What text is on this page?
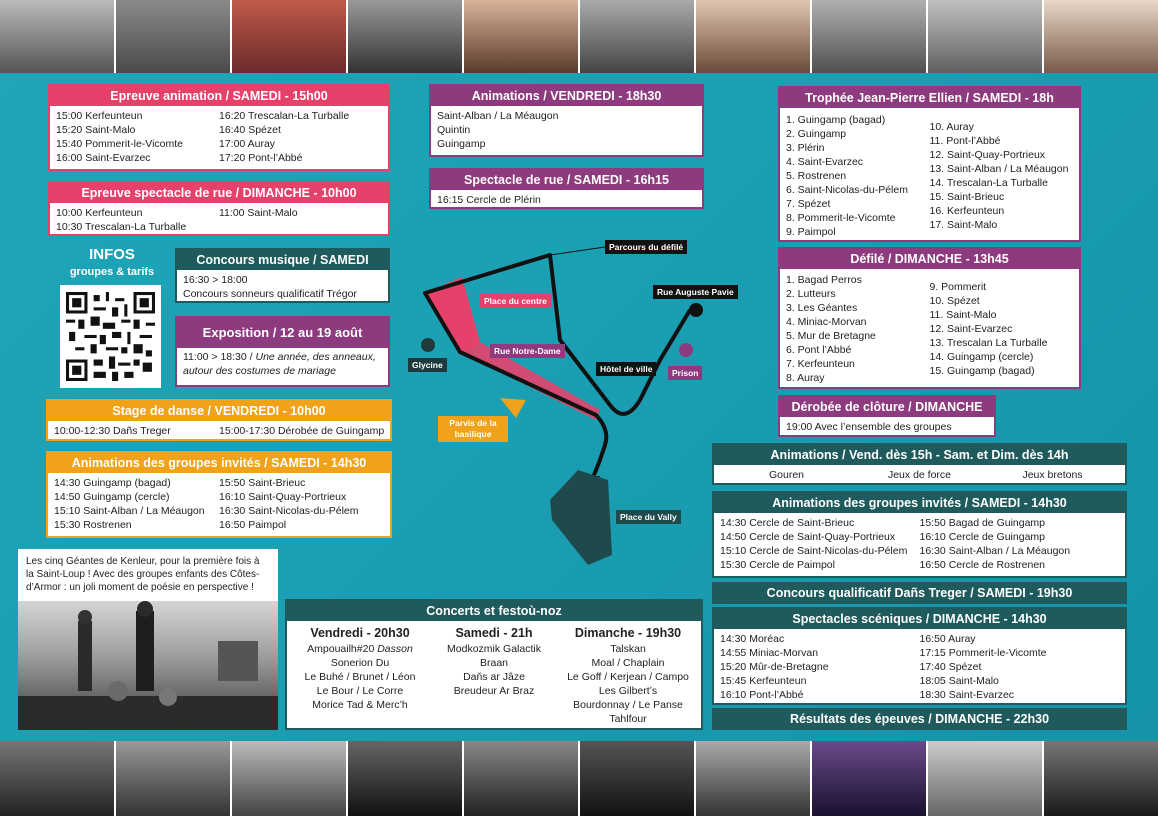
Epreuve animation / SAMEDI - 15h00
15:00 Kerfeunteun
15:20 Saint-Malo
15:40 Pommerit-le-Vicomte
16:00 Saint-Evarzec
16:20 Trescalan-La Turballe
16:40 Spézet
17:00 Auray
17:20 Pont-l’Abbé
Epreuve spectacle de rue / DIMANCHE - 10h00
10:00 Kerfeunteun
10:30 Trescalan-La Turballe
11:00 Saint-Malo
INFOS
groupes & tarifs
Concours musique / SAMEDI
16:30 > 18:00
Concours sonneurs qualificatif Trégor
Exposition / 12 au 19 août
11:00 > 18:30 / Une année, des anneaux, autour des costumes de mariage
Stage de danse / VENDREDI - 10h00
10:00-12:30 Dañs Treger	15:00-17:30 Dérobée de Guingamp
Animations des groupes invités / SAMEDI - 14h30
14:30 Guingamp (bagad)
14:50 Guingamp (cercle)
15:10 Saint-Alban / La Méaugon
15:30 Rostrenen
15:50 Saint-Brieuc
16:10 Saint-Quay-Portrieux
16:30 Saint-Nicolas-du-Pélem
16:50 Paimpol
Les cinq Géantes de Kenleur, pour la première fois à la Saint-Loup ! Avec des groupes enfants des Côtes-d’Armor : un joli moment de poésie en perspective !
Animations / VENDREDI - 18h30
Saint-Alban / La Méaugon
Quintin
Guingamp
Spectacle de rue / SAMEDI - 16h15
16:15 Cercle de Plérin
Parcours du défilé
Place du centre
Rue Auguste Pavie
Rue Notre-Dame
Glycine	Hôtel de ville	Prison
Parvis de la basilique
Place du Vally
Concerts et festoù-noz
Vendredi - 20h30
Ampouailh#20 Dasson
Sonerion Du
Le Buhé / Brunet / Léon
Le Bour / Le Corre
Morice Tad & Merc’h
Samedi - 21h
Modkozmik Galactik
Braan
Daňs ar Jâze
Breudeur Ar Braz
Dimanche - 19h30
Talskan
Moal / Chaplain
Le Goff / Kerjean / Campo
Les Gilbert’s
Bourdonnay / Le Panse
Tahlfour
Trophée Jean-Pierre Ellien / SAMEDI - 18h
1. Guingamp (bagad)
2. Guingamp
3. Plérin
4. Saint-Evarzec
5. Rostrenen
6. Saint-Nicolas-du-Pélem
7. Spézet
8. Pommerit-le-Vicomte
9. Paimpol
10. Auray
11. Pont-l’Abbé
12. Saint-Quay-Portrieux
13. Saint-Alban / La Méaugon
14. Trescalan-La Turballe
15. Saint-Brieuc
16. Kerfeunteun
17. Saint-Malo
Défilé / DIMANCHE - 13h45
1. Bagad Perros
2. Lutteurs
3. Les Géantes
4. Miniac-Morvan
5. Mur de Bretagne
6. Pont l’Abbé
7. Kerfeunteun
8. Auray
9. Pommerit
10. Spézet
11. Saint-Malo
12. Saint-Evarzec
13. Trescalan La Turballe
14. Guingamp (cercle)
15. Guingamp (bagad)
Dérobée de clôture / DIMANCHE
19:00 Avec l’ensemble des groupes
Animations / Vend. dès 15h - Sam. et Dim. dès 14h
Gouren	Jeux de force	Jeux bretons
Animations des groupes invités / SAMEDI - 14h30
14:30 Cercle de Saint-Brieuc
14:50 Cercle de Saint-Quay-Portrieux
15:10 Cercle de Saint-Nicolas-du-Pélem
15:30 Cercle de Paimpol
15:50 Bagad de Guingamp
16:10 Cercle de Guingamp
16:30 Saint-Alban / La Méaugon
16:50 Cercle de Rostrenen
Concours qualificatif Dañs Treger / SAMEDI - 19h30
Spectacles scéniques / DIMANCHE - 14h30
14:30 Moréac
14:55 Miniac-Morvan
15:20 Mûr-de-Bretagne
15:45 Kerfeunteun
16:10 Pont-l’Abbé
16:50 Auray
17:15 Pommerit-le-Vicomte
17:40 Spézet
18:05 Saint-Malo
18:30 Saint-Evarzec
Résultats des épeuves / DIMANCHE - 22h30
